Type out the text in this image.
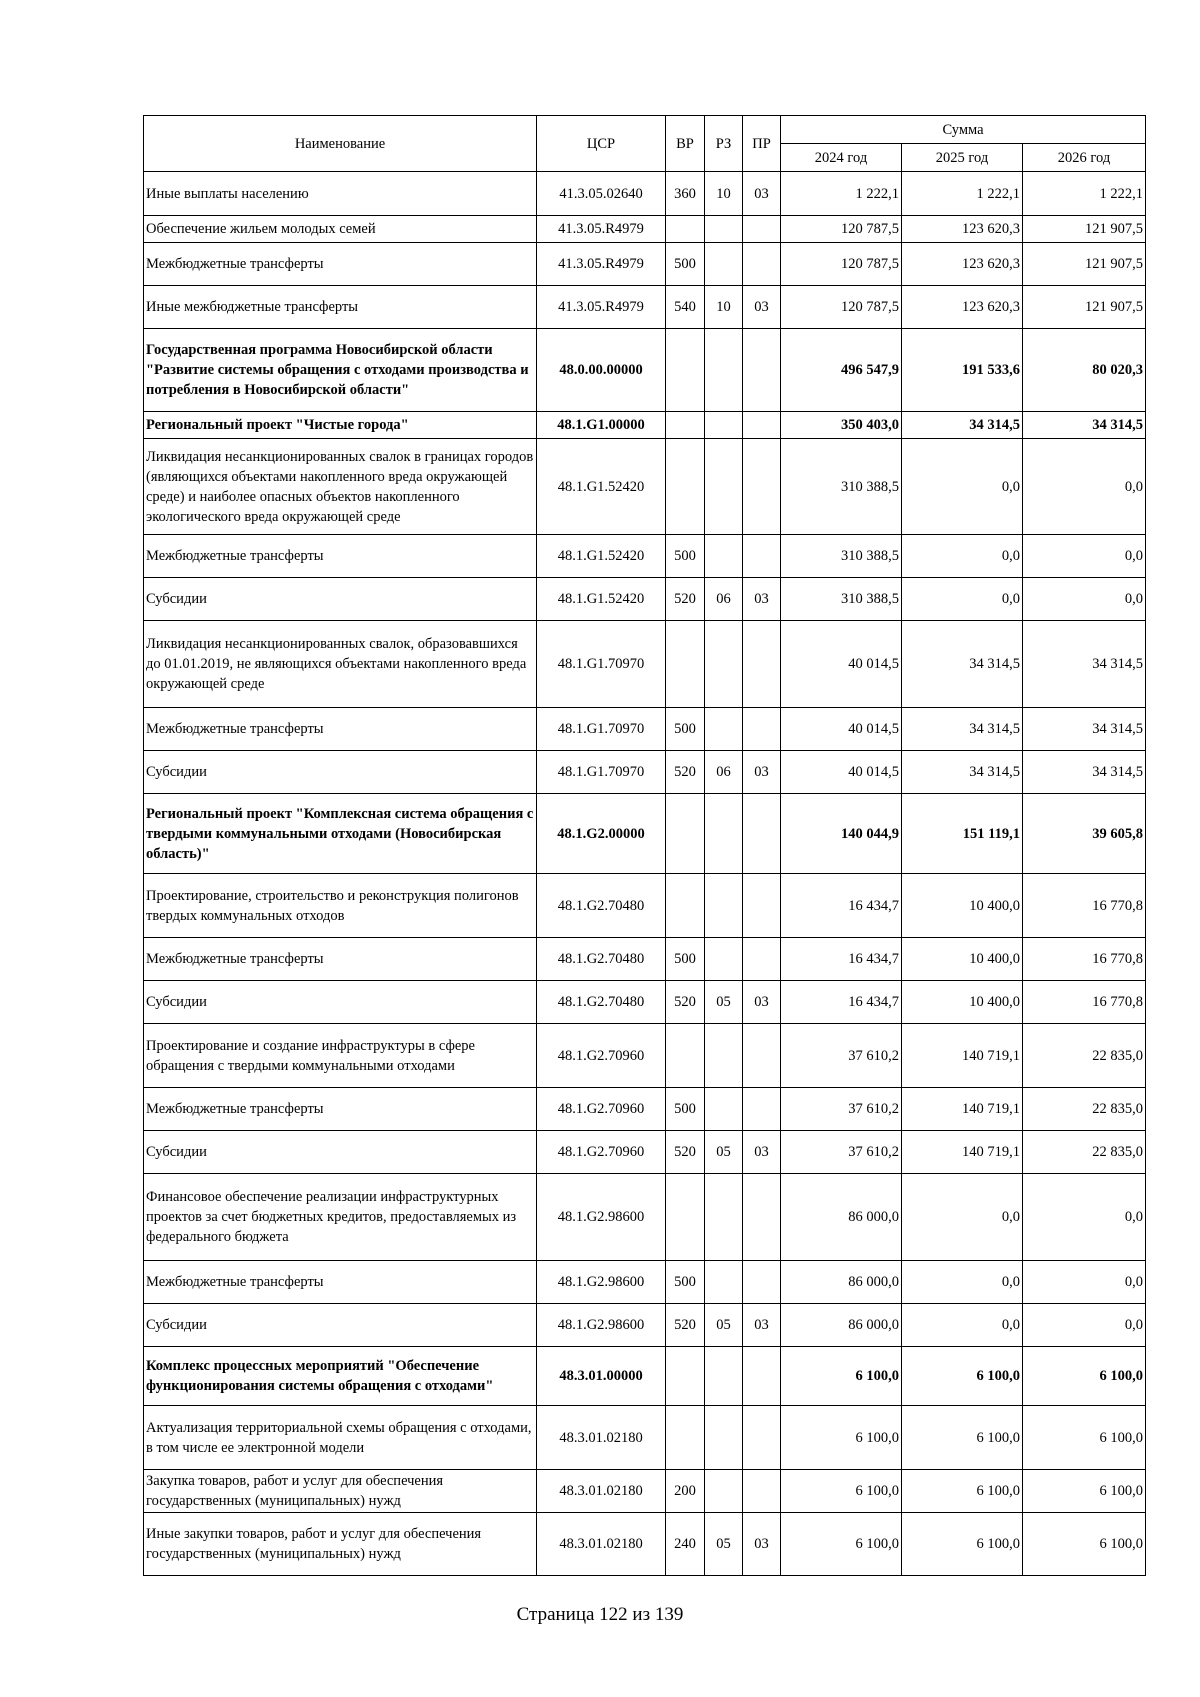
Наименование	ЦСР	ВР	РЗ	ПР	Сумма		
					2024 год	2025 год	2026 год
Иные выплаты населению	41.3.05.02640	360	10	03	1 222,1	1 222,1	1 222,1
Обеспечение жильем молодых семей	41.3.05.R4979				120 787,5	123 620,3	121 907,5
Межбюджетные трансферты	41.3.05.R4979	500			120 787,5	123 620,3	121 907,5
Иные межбюджетные трансферты	41.3.05.R4979	540	10	03	120 787,5	123 620,3	121 907,5
Государственная программа Новосибирской области "Развитие системы обращения с отходами производства и потребления в Новосибирской области"	48.0.00.00000				496 547,9	191 533,6	80 020,3
Региональный проект "Чистые города"	48.1.G1.00000				350 403,0	34 314,5	34 314,5
Ликвидация несанкционированных свалок в границах городов (являющихся объектами накопленного вреда окружающей среде) и наиболее опасных объектов накопленного экологического вреда окружающей среде	48.1.G1.52420				310 388,5	0,0	0,0
Межбюджетные трансферты	48.1.G1.52420	500			310 388,5	0,0	0,0
Субсидии	48.1.G1.52420	520	06	03	310 388,5	0,0	0,0
Ликвидация несанкционированных свалок, образовавшихся до 01.01.2019, не являющихся объектами накопленного вреда окружающей среде	48.1.G1.70970				40 014,5	34 314,5	34 314,5
Межбюджетные трансферты	48.1.G1.70970	500			40 014,5	34 314,5	34 314,5
Субсидии	48.1.G1.70970	520	06	03	40 014,5	34 314,5	34 314,5
Региональный проект "Комплексная система обращения с твердыми коммунальными отходами (Новосибирская область)"	48.1.G2.00000				140 044,9	151 119,1	39 605,8
Проектирование, строительство и реконструкция полигонов твердых коммунальных отходов	48.1.G2.70480				16 434,7	10 400,0	16 770,8
Межбюджетные трансферты	48.1.G2.70480	500			16 434,7	10 400,0	16 770,8
Субсидии	48.1.G2.70480	520	05	03	16 434,7	10 400,0	16 770,8
Проектирование и создание инфраструктуры в сфере обращения с твердыми коммунальными отходами	48.1.G2.70960				37 610,2	140 719,1	22 835,0
Межбюджетные трансферты	48.1.G2.70960	500			37 610,2	140 719,1	22 835,0
Субсидии	48.1.G2.70960	520	05	03	37 610,2	140 719,1	22 835,0
Финансовое обеспечение реализации инфраструктурных проектов за счет бюджетных кредитов, предоставляемых из федерального бюджета	48.1.G2.98600				86 000,0	0,0	0,0
Межбюджетные трансферты	48.1.G2.98600	500			86 000,0	0,0	0,0
Субсидии	48.1.G2.98600	520	05	03	86 000,0	0,0	0,0
Комплекс процессных мероприятий "Обеспечение функционирования системы обращения с отходами"	48.3.01.00000				6 100,0	6 100,0	6 100,0
Актуализация территориальной схемы обращения с отходами, в том числе ее электронной модели	48.3.01.02180				6 100,0	6 100,0	6 100,0
Закупка товаров, работ и услуг для обеспечения государственных (муниципальных) нужд	48.3.01.02180	200			6 100,0	6 100,0	6 100,0
Иные закупки товаров, работ и услуг для обеспечения государственных (муниципальных) нужд	48.3.01.02180	240	05	03	6 100,0	6 100,0	6 100,0
Страница 122 из 139
